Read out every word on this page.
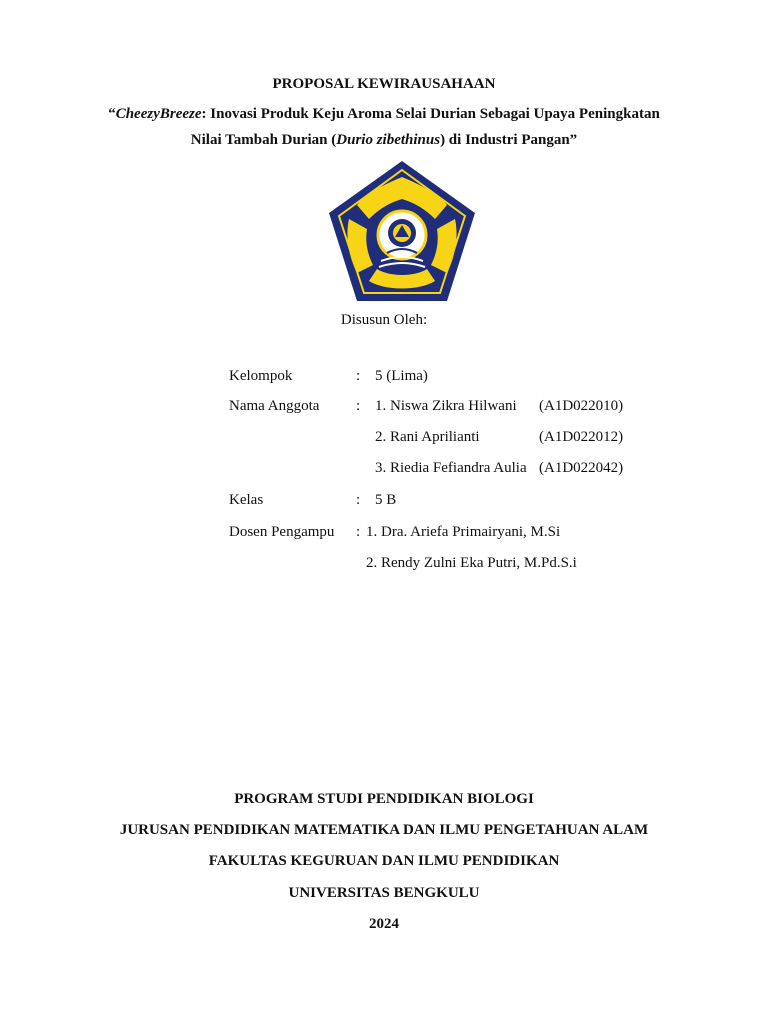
PROPOSAL KEWIRAUSAHAAN
“CheezyBreeze: Inovasi Produk Keju Aroma Selai Durian Sebagai Upaya Peningkatan
Nilai Tambah Durian (Durio zibethinus) di Industri Pangan”
Disusun Oleh:
Kelompok	: 5 (Lima)
Nama Anggota : 1. Niswa Zikra Hilwani (A1D022010)
2. Rani Aprilianti	(A1D022012)
3. Riedia Fefiandra Aulia (A1D022042)
Kelas	: 5 B
Dosen Pengampu : 1. Dra. Ariefa Primairyani, M.Si
2. Rendy Zulni Eka Putri, M.Pd.S.i
PROGRAM STUDI PENDIDIKAN BIOLOGI
JURUSAN PENDIDIKAN MATEMATIKA DAN ILMU PENGETAHUAN ALAM
FAKULTAS KEGURUAN DAN ILMU PENDIDIKAN
UNIVERSITAS BENGKULU
2024
